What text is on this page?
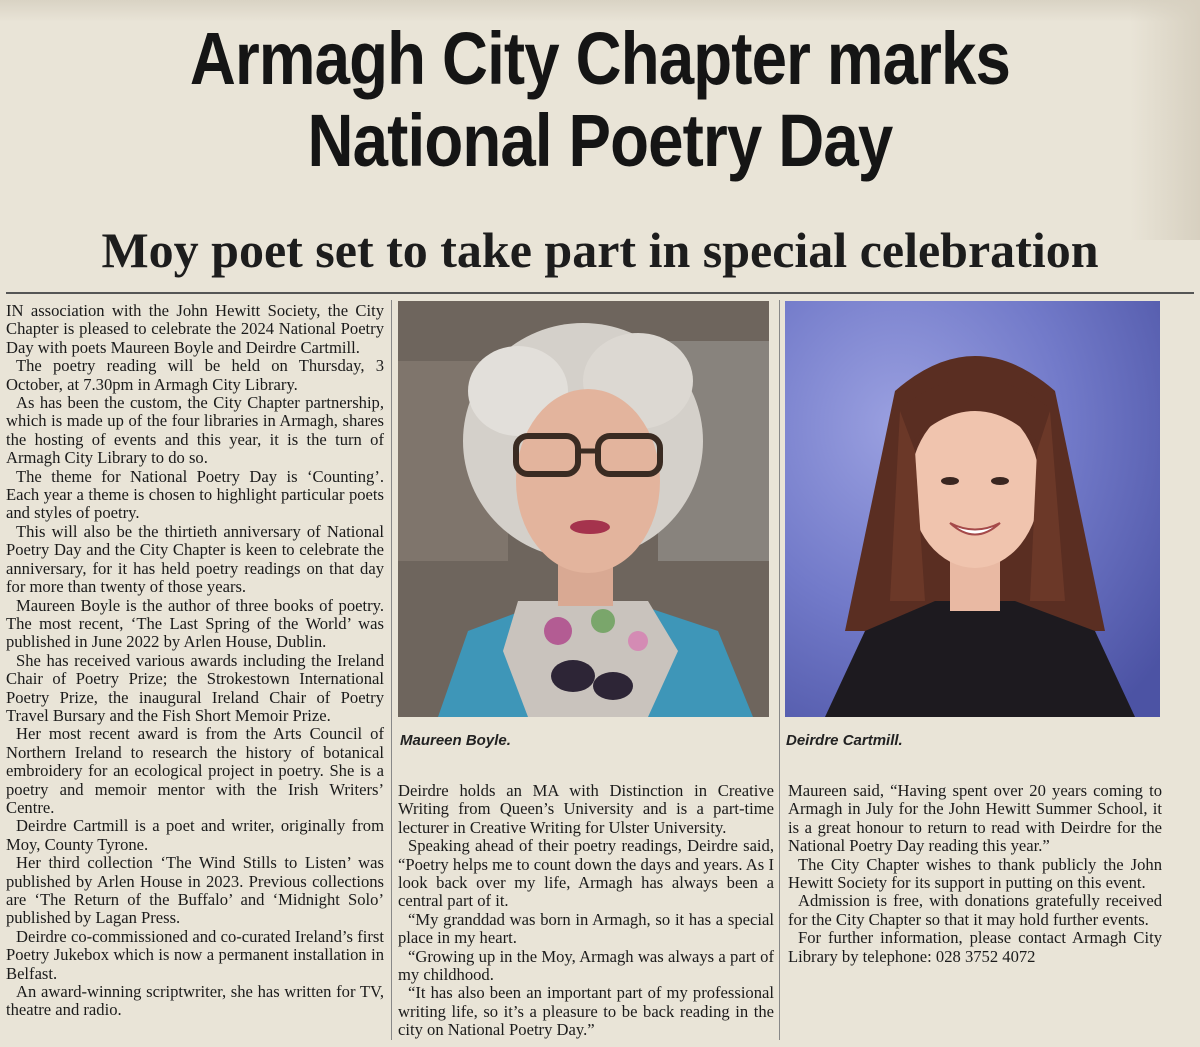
Armagh City Chapter marks National Poetry Day
Moy poet set to take part in special celebration

IN association with the John Hewitt Society, the City Chapter is pleased to celebrate the 2024 National Poetry Day with poets Maureen Boyle and Deirdre Cartmill.

The poetry reading will be held on Thursday, 3 October, at 7.30pm in Armagh City Library.

As has been the custom, the City Chapter partnership, which is made up of the four libraries in Armagh, shares the hosting of events and this year, it is the turn of Armagh City Library to do so.

The theme for National Poetry Day is ‘Counting’. Each year a theme is chosen to highlight particular poets and styles of poetry.

This will also be the thirtieth anniversary of National Poetry Day and the City Chapter is keen to celebrate the anniversary, for it has held poetry readings on that day for more than twenty of those years.

Maureen Boyle is the author of three books of poetry. The most recent, ‘The Last Spring of the World’ was published in June 2022 by Arlen House, Dublin.

She has received various awards including the Ireland Chair of Poetry Prize; the Strokestown International Poetry Prize, the inaugural Ireland Chair of Poetry Travel Bursary and the Fish Short Memoir Prize.

Her most recent award is from the Arts Council of Northern Ireland to research the history of botanical embroidery for an ecological project in poetry. She is a poetry and memoir mentor with the Irish Writers’ Centre.

Deirdre Cartmill is a poet and writer, originally from Moy, County Tyrone.

Her third collection ‘The Wind Stills to Listen’ was published by Arlen House in 2023. Previous collections are ‘The Return of the Buffalo’ and ‘Midnight Solo’ published by Lagan Press.

Deirdre co-commissioned and co-curated Ireland’s first Poetry Jukebox which is now a permanent installation in Belfast.

An award-winning scriptwriter, she has written for TV, theatre and radio.

Maureen Boyle.	Deirdre Cartmill.

Deirdre holds an MA with Distinction in Creative Writing from Queen’s University and is a part-time lecturer in Creative Writing for Ulster University.

Speaking ahead of their poetry readings, Deirdre said, “Poetry helps me to count down the days and years. As I look back over my life, Armagh has always been a central part of it.

“My granddad was born in Armagh, so it has a special place in my heart.

“Growing up in the Moy, Armagh was always a part of my childhood.

“It has also been an important part of my professional writing life, so it’s a pleasure to be back reading in the city on National Poetry Day.”

Maureen said, “Having spent over 20 years coming to Armagh in July for the John Hewitt Summer School, it is a great honour to return to read with Deirdre for the National Poetry Day reading this year.”

The City Chapter wishes to thank publicly the John Hewitt Society for its support in putting on this event.

Admission is free, with donations gratefully received for the City Chapter so that it may hold further events.

For further information, please contact Armagh City Library by telephone: 028 3752 4072
